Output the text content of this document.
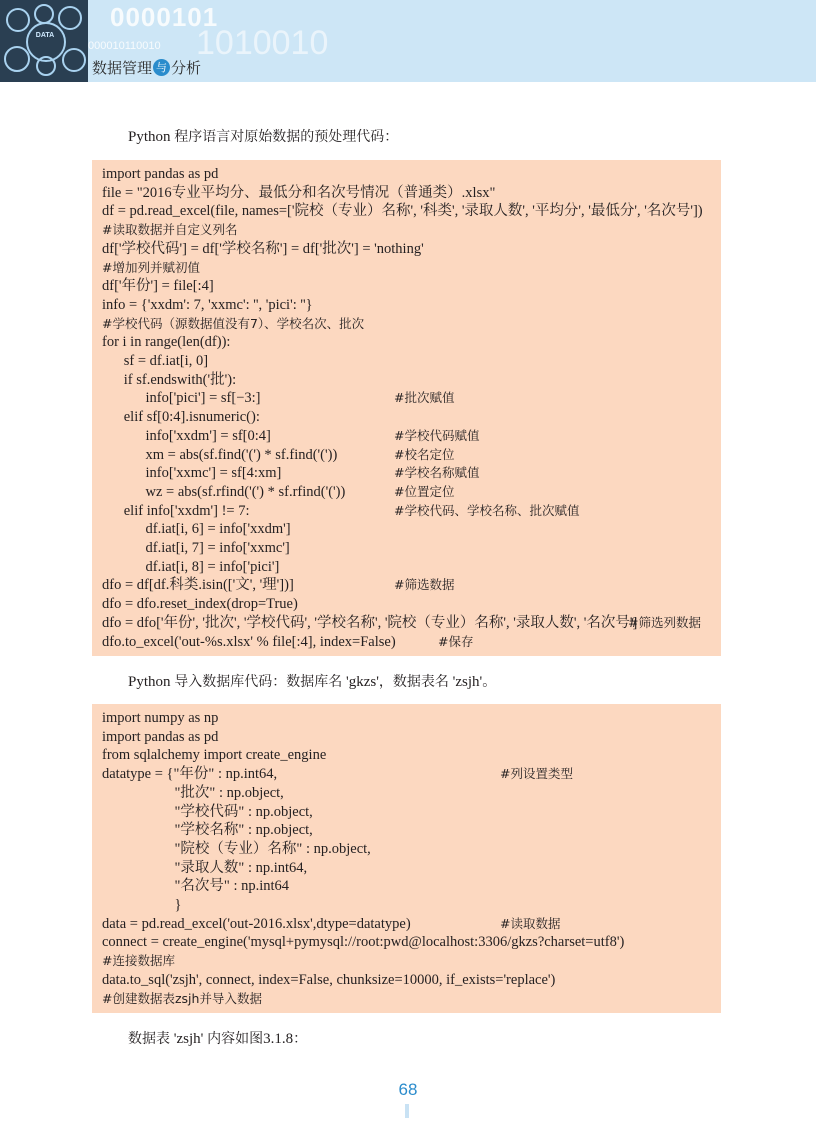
DATA
0000101
000010110010 1010010
数据管理 与 分析
Python 程序语言对原始数据的预处理代码：
import pandas as pd
file = "2016专业平均分、最低分和名次号情况（普通类）.xlsx"
df = pd.read_excel(file, names=['院校（专业）名称', '科类', '录取人数', '平均分', '最低分', '名次号'])
#读取数据并自定义列名
df['学校代码'] = df['学校名称'] = df['批次'] = 'nothing'
#增加列并赋初值
df['年份'] = file[:4]
info = {'xxdm': 7, 'xxmc': '', 'pici': ''}
#学校代码（源数据值没有7）、学校名次、批次
for i in range(len(df)):
sf = df.iat[i, 0]
if sf.endswith('批'):
info['pici'] = sf[−3:]	#批次赋值
elif sf[0:4].isnumeric():
info['xxdm'] = sf[0:4]	#学校代码赋值
xm = abs(sf.find('(') * sf.find('('))	#校名定位
info['xxmc'] = sf[4:xm]	#学校名称赋值
wz = abs(sf.rfind('(') * sf.rfind('('))	#位置定位
elif info['xxdm'] != 7:	#学校代码、学校名称、批次赋值
df.iat[i, 6] = info['xxdm']
df.iat[i, 7] = info['xxmc']
df.iat[i, 8] = info['pici']
dfo = df[df.科类.isin(['文', '理'])]	#筛选数据
dfo = dfo.reset_index(drop=True)
dfo = dfo['年份', '批次', '学校代码', '学校名称', '院校（专业）名称', '录取人数', '名次号']
#筛选列数据
dfo.to_excel('out-%s.xlsx' % file[:4], index=False)	#保存
Python 导入数据库代码：数据库名 'gkzs'，数据表名 'zsjh'。
import numpy as np
import pandas as pd
from sqlalchemy import create_engine
datatype = {"年份" : np.int64,	#列设置类型
"批次" : np.object,
"学校代码" : np.object,
"学校名称" : np.object,
"院校（专业）名称" : np.object,
"录取人数" : np.int64,
"名次号" : np.int64
}
data = pd.read_excel('out-2016.xlsx',dtype=datatype)	#读取数据
connect = create_engine('mysql+pymysql://root:pwd@localhost:3306/gkzs?charset=utf8')
#连接数据库
data.to_sql('zsjh', connect, index=False, chunksize=10000, if_exists='replace')
#创建数据表zsjh并导入数据
数据表 'zsjh' 内容如图3.1.8：
68
